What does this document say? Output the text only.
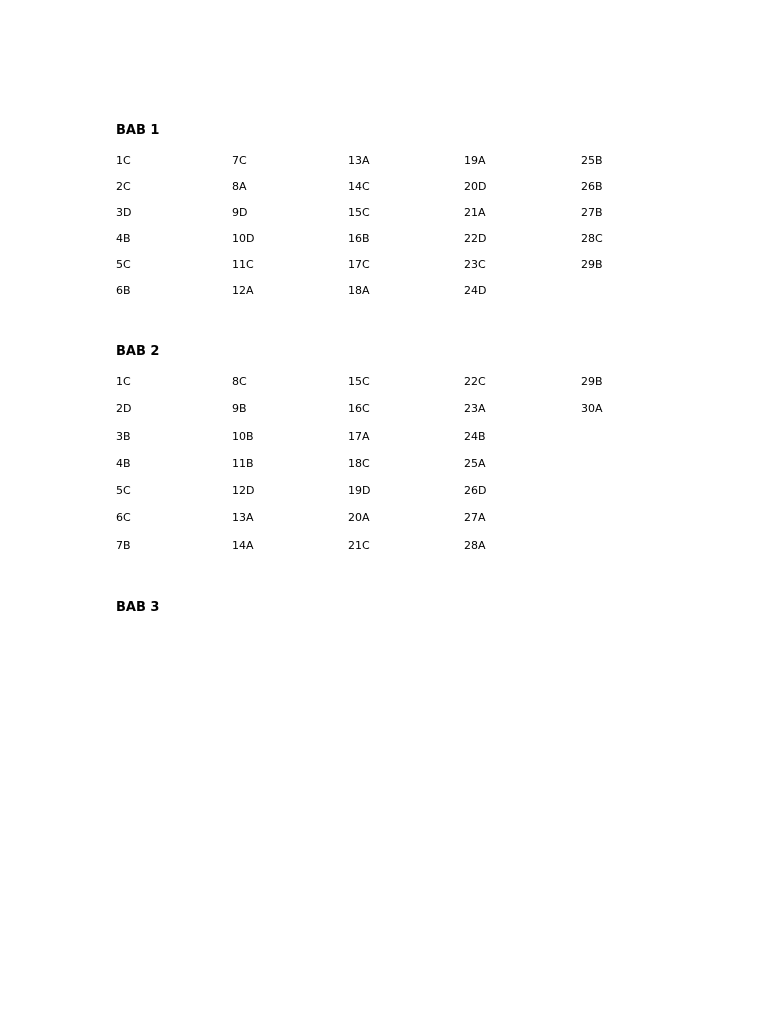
BAB 1
1C	7C	13A	19A	25B
2C	8A	14C	20D	26B
3D	9D	15C	21A	27B
4B	10D	16B	22D	28C
5C	11C	17C	23C	29B
6B	12A	18A	24D
BAB 2
1C	8C	15C	22C	29B
2D	9B	16C	23A	30A
3B	10B	17A	24B
4B	11B	18C	25A
5C	12D	19D	26D
6C	13A	20A	27A
7B	14A	21C	28A
BAB 3
